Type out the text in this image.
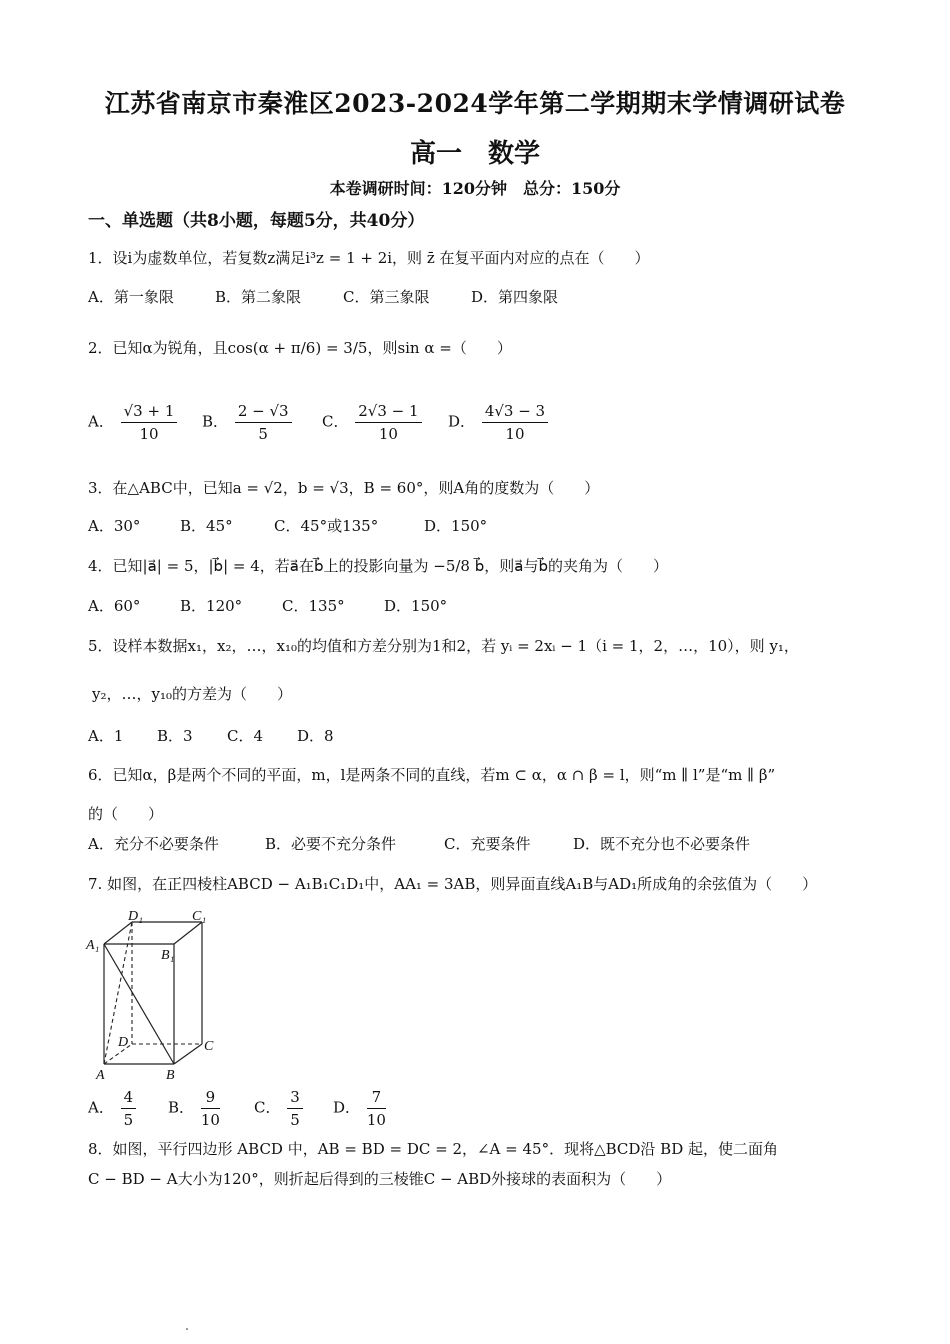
江苏省南京市秦淮区2023-2024学年第二学期期末学情调研试卷
高一　数学
本卷调研时间：120分钟　总分：150分
一、单选题（共8小题，每题5分，共40分）
1．设i为虚数单位，若复数z满足i³z = 1 + 2i，则 z̄ 在复平面内对应的点在（　　）
A．第一象限	B．第二象限	C．第三象限	D．第四象限
2．已知α为锐角，且cos(α + π/6) = 3/5，则sin α =（　　）
A． $\frac{√3 + 1}{10}$ B． $\frac{2 - √3}{5}$ C． $\frac{2√3 - 1}{10}$ D． $\frac{4√3 - 3}{10}$
3．在△ABC中，已知a = √2，b = √3，B = 60°，则A角的度数为（　　）
A．30°	B．45°	C．45°或135°	D．150°
4．已知|a⃗| = 5，|b⃗| = 4，若a⃗在b⃗上的投影向量为 −5/8 b⃗，则a⃗与b⃗的夹角为（　　）
A．60°	B．120°	C．135°	D．150°
5．设样本数据x₁，x₂，…，x₁₀的均值和方差分别为1和2，若 yᵢ = 2xᵢ − 1（i = 1，2，…，10），则 y₁，
y₂，…，y₁₀的方差为（　　）
A．1 B．3 C．4 D．8
6．已知α，β是两个不同的平面，m，l是两条不同的直线，若m ⊂ α，α ∩ β = l，则“m ∥ l”是“m ∥ β”
的（　　）
A．充分不必要条件	B．必要不充分条件	C．充要条件	D．既不充分也不必要条件
7. 如图，在正四棱柱ABCD − A₁B₁C₁D₁中，AA₁ = 3AB，则异面直线A₁B与AD₁所成角的余弦值为（　　）
D₁	C₁
A₁
B₁
D	C
A	B
A． $\frac{4}{5}$ B． $\frac{9}{10}$ C． $\frac{3}{5}$ D． $\frac{7}{10}$
8．如图，平行四边形 ABCD 中，AB = BD = DC = 2，∠A = 45°．现将△BCD沿 BD 起，使二面角
C − BD − A大小为120°，则折起后得到的三棱锥C − ABD外接球的表面积为（　　）
